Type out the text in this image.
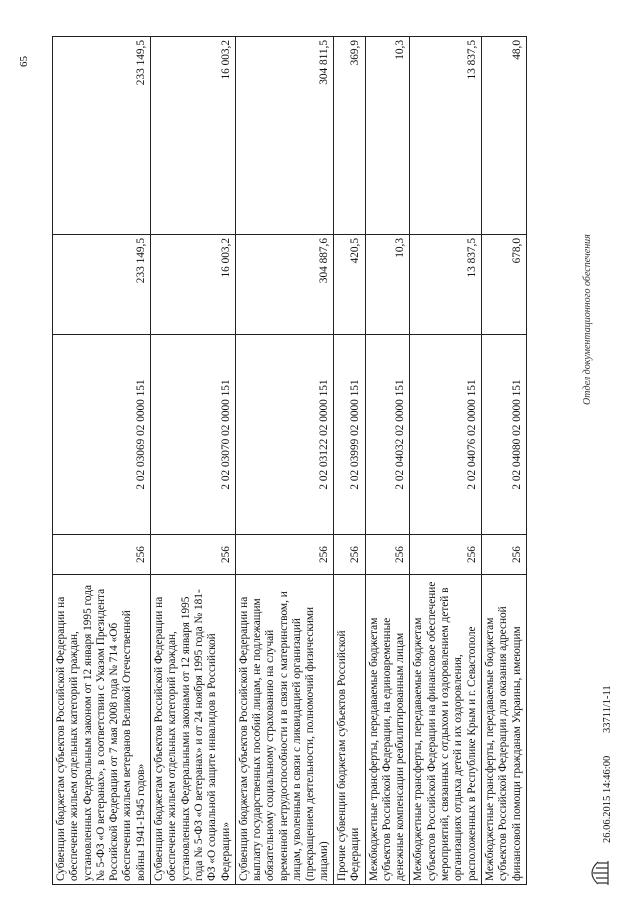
65
Субвенции бюджетам субъектов Российской Федерации на обеспечение жильем отдельных категорий граждан, установленных Федеральным законом от 12 января 1995 года № 5-ФЗ «О ветеранах», в соответствии с Указом Президента Российской Федерации от 7 мая 2008 года № 714 «Об обеспечении жильем ветеранов Великой Отечественной войны 1941-1945 годов»	256	2 02 03069 02 0000 151	233 149,5	233 149,5
Субвенции бюджетам субъектов Российской Федерации на обеспечение жильем отдельных категорий граждан, установленных Федеральными законами от 12 января 1995 года № 5-ФЗ «О ветеранах» и от 24 ноября 1995 года № 181-ФЗ «О социальной защите инвалидов в Российской Федерации»	256	2 02 03070 02 0000 151	16 003,2	16 003,2
Субвенции бюджетам субъектов Российской Федерации на выплату государственных пособий лицам, не подлежащим обязательному социальному страхованию на случай временной нетрудоспособности и в связи с материнством, и лицам, уволенным в связи с ликвидацией организаций (прекращением деятельности, полномочий физическими лицами)	256	2 02 03122 02 0000 151	304 887,6	304 811,5
Прочие субвенции бюджетам субъектов Российской Федерации	256	2 02 03999 02 0000 151	420,5	369,9
Межбюджетные трансферты, передаваемые бюджетам субъектов Российской Федерации, на единовременные денежные компенсации реабилитированным лицам	256	2 02 04032 02 0000 151	10,3	10,3
Межбюджетные трансферты, передаваемые бюджетам субъектов Российской Федерации на финансовое обеспечение мероприятий, связанных с отдыхом и оздоровлением детей в организациях отдыха детей и их оздоровления, расположенных в Республике Крым и г. Севастополе	256	2 02 04076 02 0000 151	13 837,5	13 837,5
Межбюджетные трансферты, передаваемые бюджетам субъектов Российской Федерации для оказания адресной финансовой помощи гражданам Украины, имеющим	256	2 02 04080 02 0000 151	678,0	48,0
26.06.2015 14:46:00
33711/1-11
Отдел документационного обеспечения
